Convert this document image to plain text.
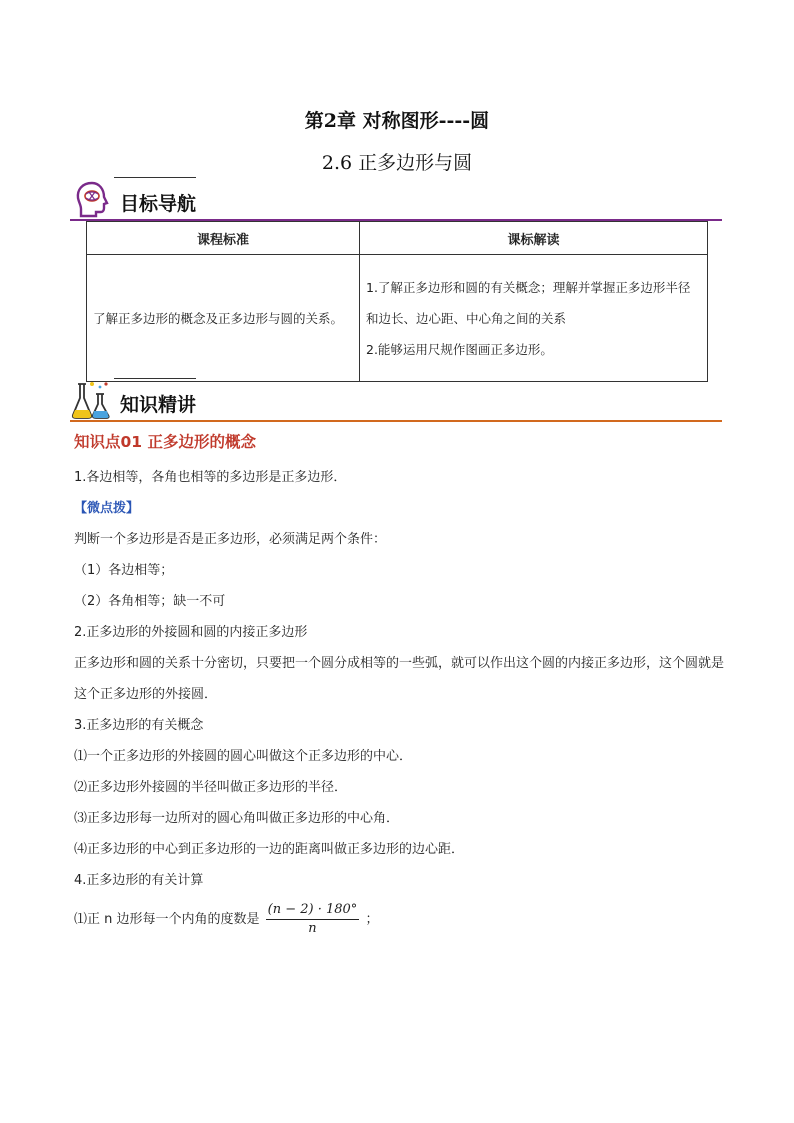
第2章 对称图形----圆
2.6 正多边形与圆
目标导航
课程标准	课标解读
了解正多边形的概念及正多边形与圆的关系。	1.了解正多边形和圆的有关概念；理解并掌握正多边形半径和边长、边心距、中心角之间的关系
2.能够运用尺规作图画正多边形。
知识精讲

知识点01 正多边形的概念

1.各边相等，各角也相等的多边形是正多边形．

【微点拨】

判断一个多边形是否是正多边形，必须满足两个条件：

（1）各边相等；

（2）各角相等；缺一不可

2.正多边形的外接圆和圆的内接正多边形

正多边形和圆的关系十分密切，只要把一个圆分成相等的一些弧，就可以作出这个圆的内接正多边形，这个圆就是这个正多边形的外接圆．

3.正多边形的有关概念

⑴一个正多边形的外接圆的圆心叫做这个正多边形的中心．

⑵正多边形外接圆的半径叫做正多边形的半径．

⑶正多边形每一边所对的圆心角叫做正多边形的中心角．

⑷正多边形的中心到正多边形的一边的距离叫做正多边形的边心距．

4.正多边形的有关计算

⑴正 n 边形每一个内角的度数是 $\frac{(n - 2) \cdot 180^\circ}{n}$ ；
